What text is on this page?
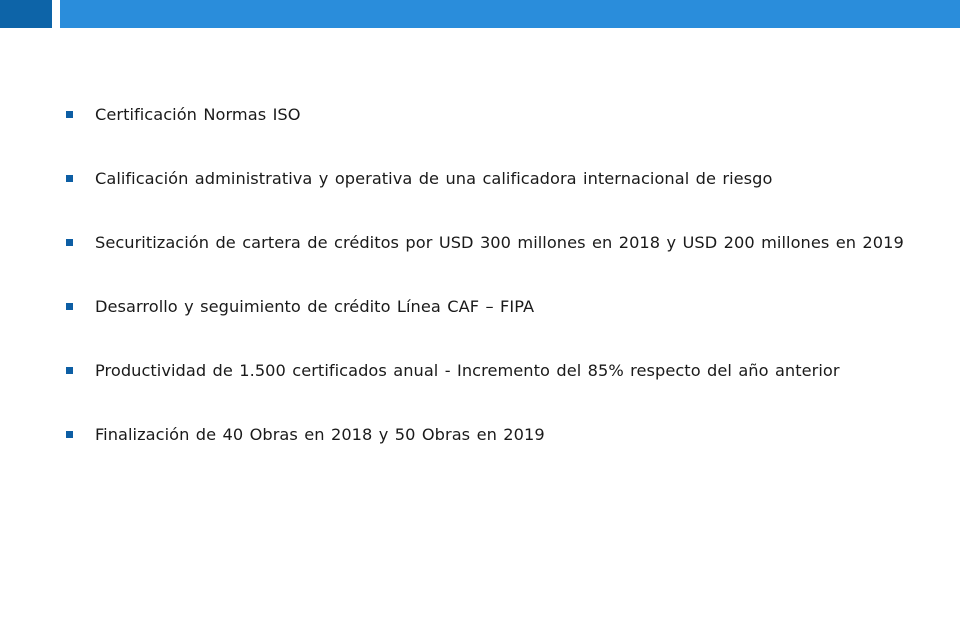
Certificación Normas ISO
Calificación administrativa y operativa de una calificadora internacional de riesgo
Securitización de cartera de créditos por USD 300 millones en 2018 y USD 200 millones en 2019
Desarrollo y seguimiento de crédito Línea CAF – FIPA
Productividad de 1.500 certificados anual - Incremento del 85% respecto del año anterior
Finalización de 40 Obras en 2018 y 50 Obras en 2019
